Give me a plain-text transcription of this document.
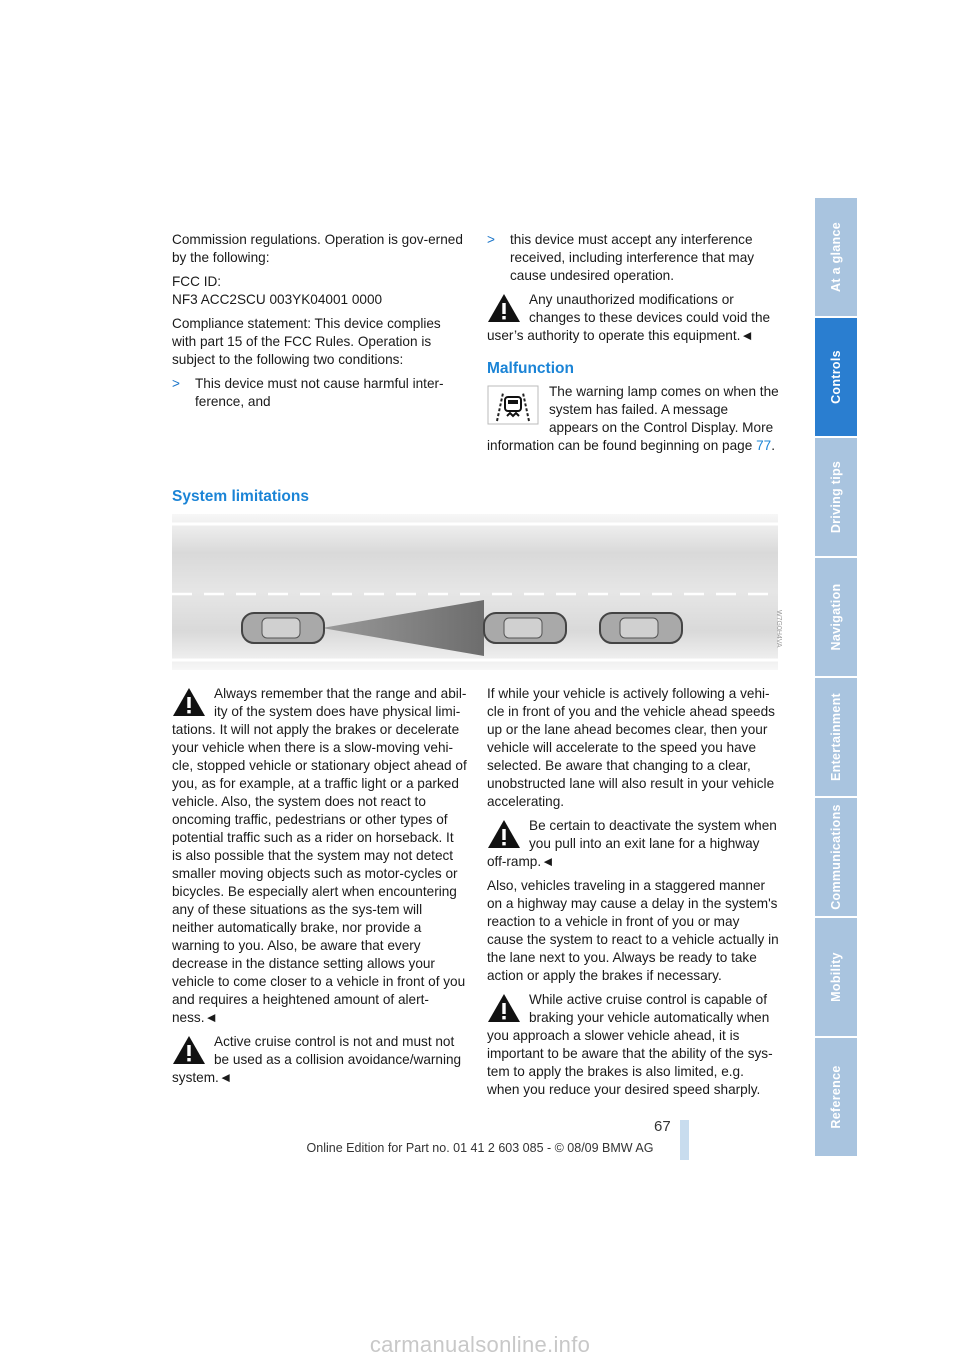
Commission regulations. Operation is gov-erned by the following:

FCC ID:
NF3 ACC2SCU 003YK04001 0000

Compliance statement: This device complies with part 15 of the FCC Rules. Operation is subject to the following two conditions:

> This device must not cause harmful inter-ference, and
> this device must accept any interference received, including interference that may cause undesired operation.
Any unauthorized modifications or changes to these devices could void the user’s authority to operate this equipment.◄
Malfunction
The warning lamp comes on when the system has failed. A message appears on the Control Display. More information can be found beginning on page 77.
System limitations
W7G0H4VA
Always remember that the range and abil-ity of the system does have physical limi-tations. It will not apply the brakes or decelerate your vehicle when there is a slow-moving vehi-cle, stopped vehicle or stationary object ahead of you, as for example, at a traffic light or a parked vehicle. Also, the system does not react to oncoming traffic, pedestrians or other types of potential traffic such as a rider on horseback. It is also possible that the system may not detect smaller moving objects such as motor-cycles or bicycles. Be especially alert when encountering any of these situations as the sys-tem will neither automatically brake, nor provide a warning to you. Also, be aware that every decrease in the distance setting allows your vehicle to come closer to a vehicle in front of you and requires a heightened amount of alert-ness.◄
Active cruise control is not and must not be used as a collision avoidance/warning system.◄

If while your vehicle is actively following a vehi-cle in front of you and the vehicle ahead speeds up or the lane ahead becomes clear, then your vehicle will accelerate to the speed you have selected. Be aware that changing to a clear, unobstructed lane will also result in your vehicle accelerating.

Be certain to deactivate the system when you pull into an exit lane for a highway off-ramp.◄

Also, vehicles traveling in a staggered manner on a highway may cause a delay in the system's reaction to a vehicle in front of you or may cause the system to react to a vehicle actually in the lane next to you. Always be ready to take action or apply the brakes if necessary.

While active cruise control is capable of braking your vehicle automatically when you approach a slower vehicle ahead, it is important to be aware that the ability of the sys-tem to apply the brakes is also limited, e.g. when you reduce your desired speed sharply.
At a glance
Controls
Driving tips
Navigation
Entertainment
Communications
Mobility
Reference
67
Online Edition for Part no. 01 41 2 603 085 - © 08/09 BMW AG
carmanualsonline.info
